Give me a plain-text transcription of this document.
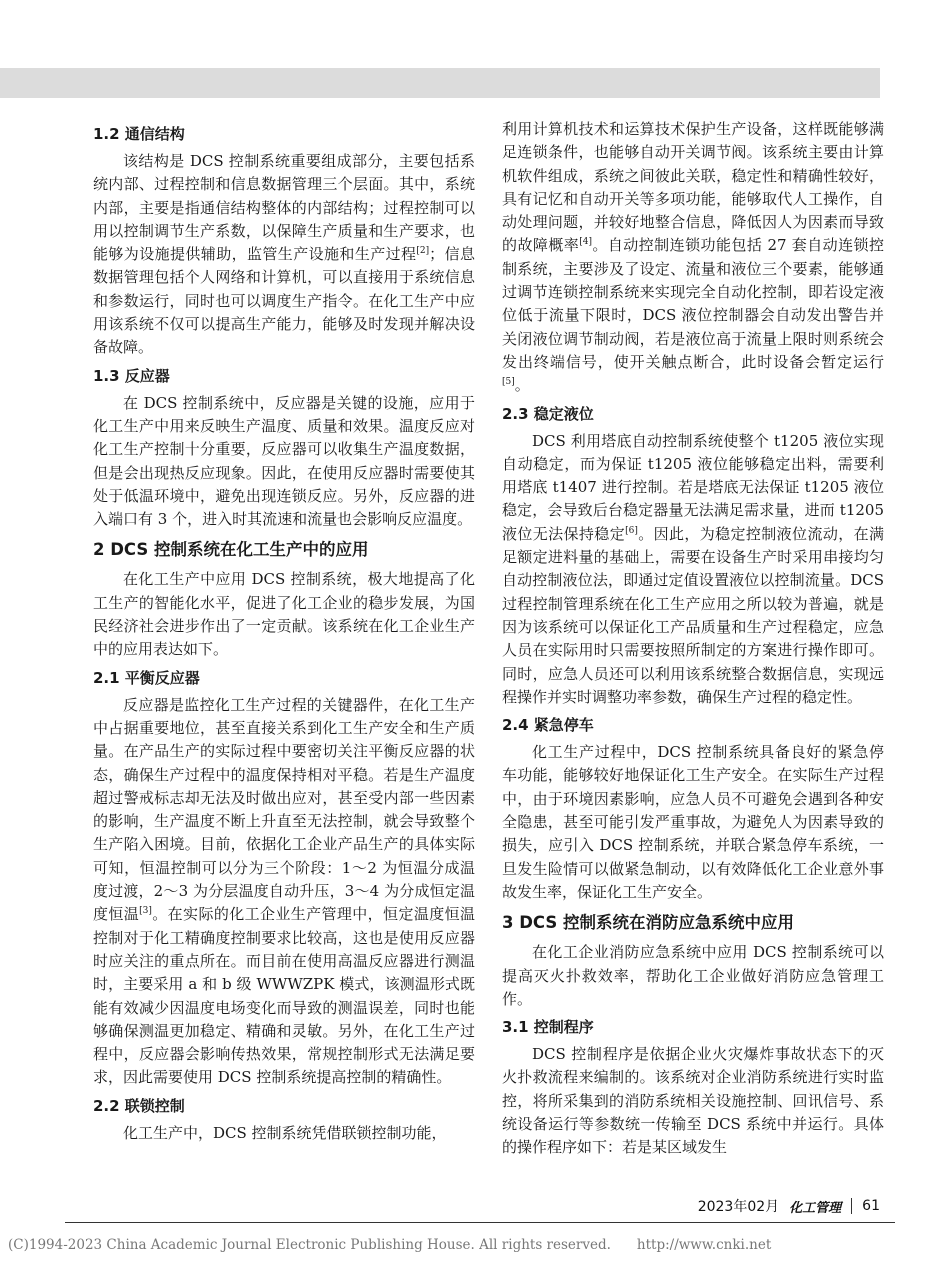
1.2 通信结构

该结构是 DCS 控制系统重要组成部分，主要包括系统内部、过程控制和信息数据管理三个层面。其中，系统内部，主要是指通信结构整体的内部结构；过程控制可以用以控制调节生产系数，以保障生产质量和生产要求，也能够为设施提供辅助，监管生产设施和生产过程[2]；信息数据管理包括个人网络和计算机，可以直接用于系统信息和参数运行，同时也可以调度生产指令。在化工生产中应用该系统不仅可以提高生产能力，能够及时发现并解决设备故障。

1.3 反应器

在 DCS 控制系统中，反应器是关键的设施，应用于化工生产中用来反映生产温度、质量和效果。温度反应对化工生产控制十分重要，反应器可以收集生产温度数据，但是会出现热反应现象。因此，在使用反应器时需要使其处于低温环境中，避免出现连锁反应。另外，反应器的进入端口有 3 个，进入时其流速和流量也会影响反应温度。

2 DCS 控制系统在化工生产中的应用

在化工生产中应用 DCS 控制系统，极大地提高了化工生产的智能化水平，促进了化工企业的稳步发展，为国民经济社会进步作出了一定贡献。该系统在化工企业生产中的应用表达如下。

2.1 平衡反应器

反应器是监控化工生产过程的关键器件，在化工生产中占据重要地位，甚至直接关系到化工生产安全和生产质量。在产品生产的实际过程中要密切关注平衡反应器的状态，确保生产过程中的温度保持相对平稳。若是生产温度超过警戒标志却无法及时做出应对，甚至受内部一些因素的影响，生产温度不断上升直至无法控制，就会导致整个生产陷入困境。目前，依据化工企业产品生产的具体实际可知，恒温控制可以分为三个阶段：1～2 为恒温分成温度过渡，2～3 为分层温度自动升压，3～4 为分成恒定温度恒温[3]。在实际的化工企业生产管理中，恒定温度恒温控制对于化工精确度控制要求比较高，这也是使用反应器时应关注的重点所在。而目前在使用高温反应器进行测温时，主要采用 a 和 b 级 WWWZPK 模式，该测温形式既能有效减少因温度电场变化而导致的测温误差，同时也能够确保测温更加稳定、精确和灵敏。另外，在化工生产过程中，反应器会影响传热效果，常规控制形式无法满足要求，因此需要使用 DCS 控制系统提高控制的精确性。

2.2 联锁控制

化工生产中，DCS 控制系统凭借联锁控制功能，

利用计算机技术和运算技术保护生产设备，这样既能够满足连锁条件，也能够自动开关调节阀。该系统主要由计算机软件组成，系统之间彼此关联，稳定性和精确性较好，具有记忆和自动开关等多项功能，能够取代人工操作，自动处理问题，并较好地整合信息，降低因人为因素而导致的故障概率[4]。自动控制连锁功能包括 27 套自动连锁控制系统，主要涉及了设定、流量和液位三个要素，能够通过调节连锁控制系统来实现完全自动化控制，即若设定液位低于流量下限时，DCS 液位控制器会自动发出警告并关闭液位调节制动阀，若是液位高于流量上限时则系统会发出终端信号，使开关触点断合，此时设备会暂定运行[5]。

2.3 稳定液位

DCS 利用塔底自动控制系统使整个 t1205 液位实现自动稳定，而为保证 t1205 液位能够稳定出料，需要利用塔底 t1407 进行控制。若是塔底无法保证 t1205 液位稳定，会导致后台稳定器量无法满足需求量，进而 t1205 液位无法保持稳定[6]。因此，为稳定控制液位流动，在满足额定进料量的基础上，需要在设备生产时采用串接均匀自动控制液位法，即通过定值设置液位以控制流量。DCS 过程控制管理系统在化工生产应用之所以较为普遍，就是因为该系统可以保证化工产品质量和生产过程稳定，应急人员在实际用时只需要按照所制定的方案进行操作即可。同时，应急人员还可以利用该系统整合数据信息，实现远程操作并实时调整功率参数，确保生产过程的稳定性。

2.4 紧急停车

化工生产过程中，DCS 控制系统具备良好的紧急停车功能，能够较好地保证化工生产安全。在实际生产过程中，由于环境因素影响，应急人员不可避免会遇到各种安全隐患，甚至可能引发严重事故，为避免人为因素导致的损失，应引入 DCS 控制系统，并联合紧急停车系统，一旦发生险情可以做紧急制动，以有效降低化工企业意外事故发生率，保证化工生产安全。

3 DCS 控制系统在消防应急系统中应用

在化工企业消防应急系统中应用 DCS 控制系统可以提高灭火扑救效率，帮助化工企业做好消防应急管理工作。

3.1 控制程序

DCS 控制程序是依据企业火灾爆炸事故状态下的灭火扑救流程来编制的。该系统对企业消防系统进行实时监控，将所采集到的消防系统相关设施控制、回讯信号、系统设备运行等参数统一传输至 DCS 系统中并运行。具体的操作程序如下：若是某区域发生

2023年02月 化工管理 61
(C)1994-2023 China Academic Journal Electronic Publishing House. All rights reserved. http://www.cnki.net
